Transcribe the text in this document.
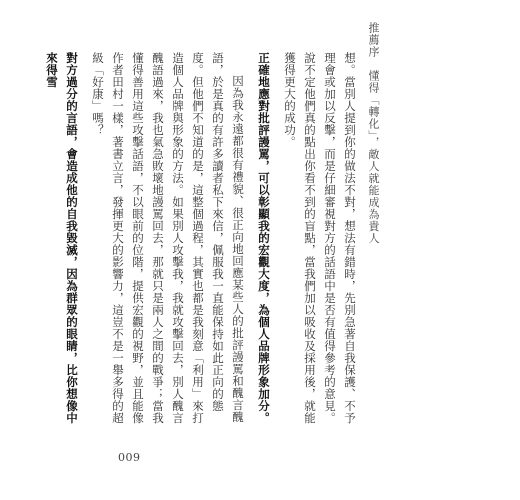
推薦序　懂得「轉化」，敵人就能成為貴人

想。當別人提到你的做法不對，想法有錯時，先別急著自我保護、不予理會或加以反擊，而是仔細審視對方的話語中是否有值得參考的意見。說不定他們真的點出你看不到的盲點，當我們加以吸收及採用後，就能獲得更大的成功。

正確地應對批評謾罵，可以彰顯我的宏觀大度，為個人品牌形象加分。

因為我永遠都很有禮貌、很正向地回應某些人的批評謾罵和醜言醜語，於是真的有許多讀者私下來信，佩服我一直能保持如此正向的態度。但他們不知道的是，這整個過程，其實也都是我刻意「利用」來打造個人品牌與形象的方法。如果別人攻擊我，我就攻擊回去，別人醜言醜語過來，我也氣急敗壞地謾罵回去，那就只是兩人之間的戰爭；當我懂得善用這些攻擊話語，不以眼前的位階，提供宏觀的視野，並且能像作者田村一樣，著書立言，發揮更大的影響力，這豈不是一舉多得的超級「好康」嗎？

對方過分的言語，會造成他的自我毀滅，因為群眾的眼睛，比你想像中來得雪

009
